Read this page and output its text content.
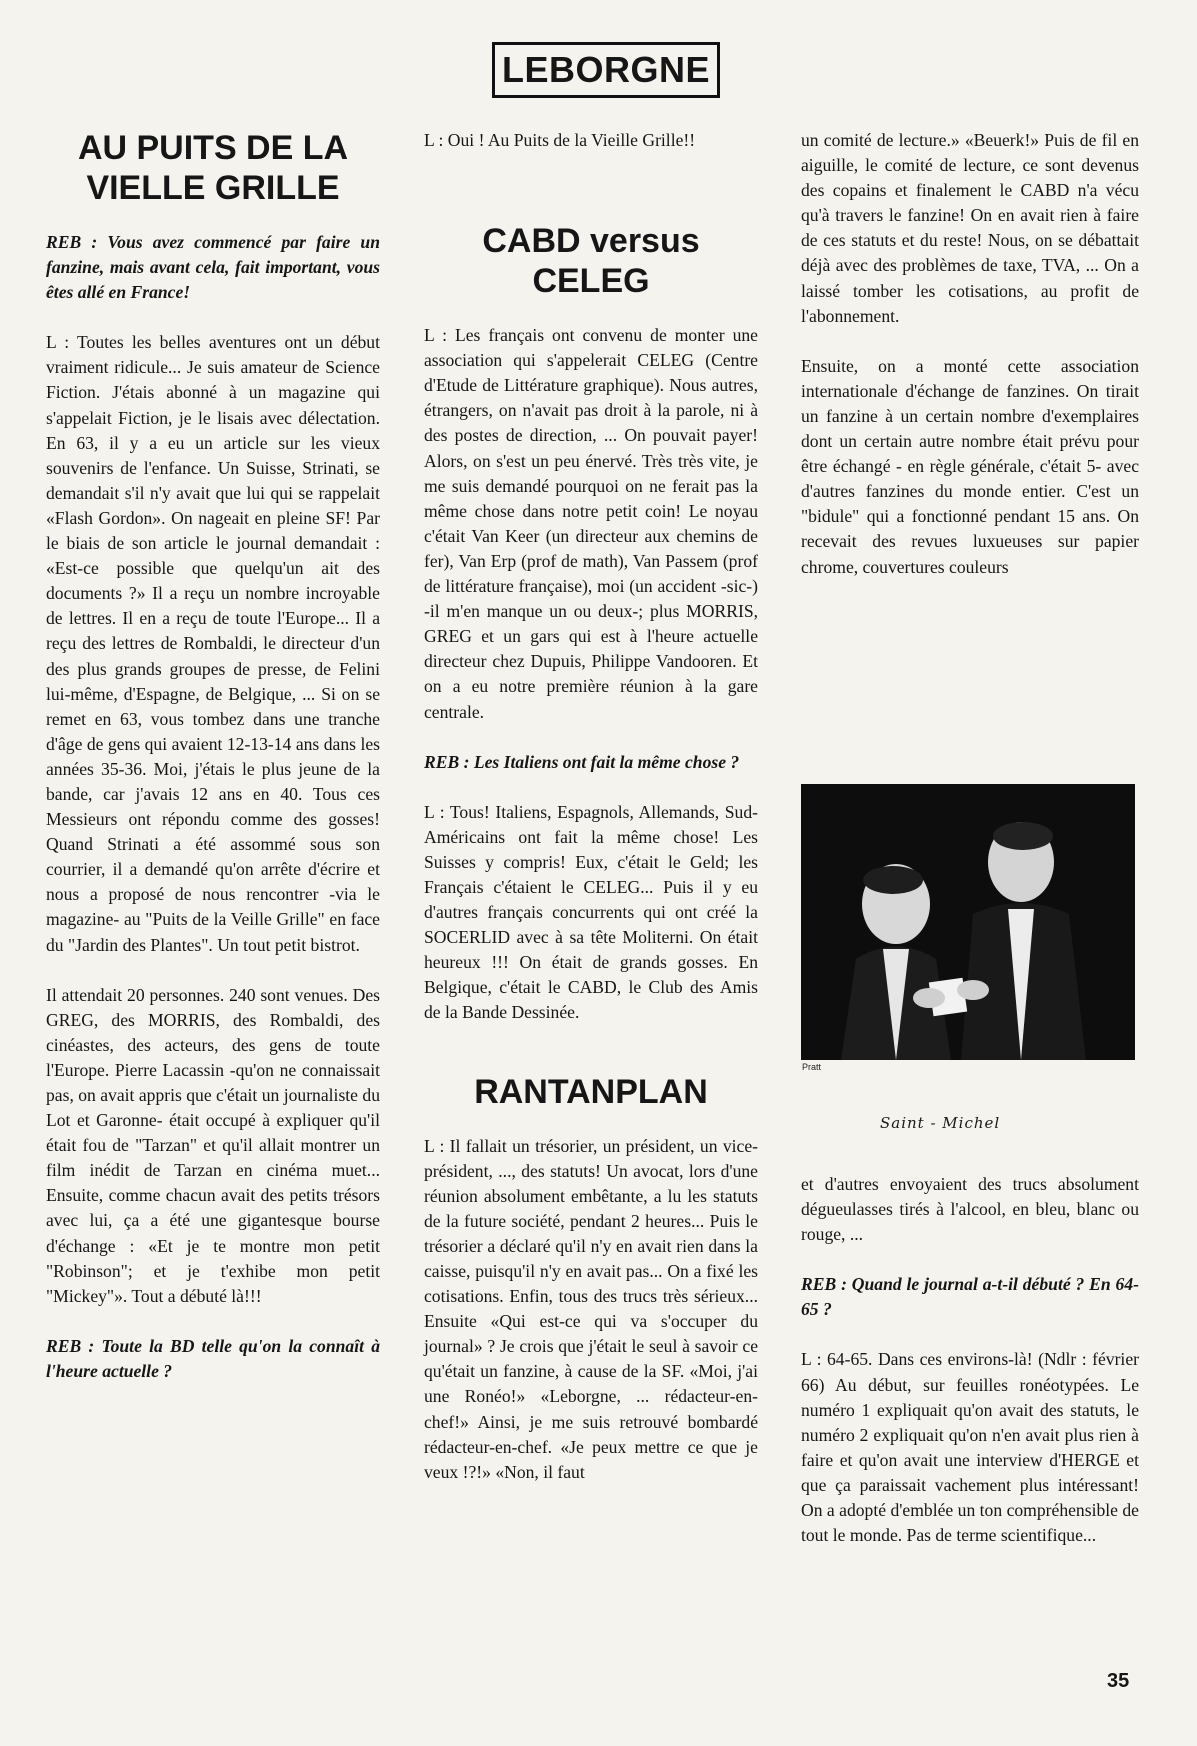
LEBORGNE
AU PUITS DE LA VIELLE GRILLE

REB : Vous avez commencé par faire un fanzine, mais avant cela, fait important, vous êtes allé en France!

L : Toutes les belles aventures ont un début vraiment ridicule... Je suis amateur de Science Fiction. J'étais abonné à un magazine qui s'appelait Fiction, je le lisais avec délectation. En 63, il y a eu un article sur les vieux souvenirs de l'enfance. Un Suisse, Strinati, se demandait s'il n'y avait que lui qui se rappelait «Flash Gordon». On nageait en pleine SF! Par le biais de son article le journal demandait : «Est-ce possible que quelqu'un ait des documents ?» Il a reçu un nombre incroyable de lettres. Il en a reçu de toute l'Europe... Il a reçu des lettres de Rombaldi, le directeur d'un des plus grands groupes de presse, de Felini lui-même, d'Espagne, de Belgique, ... Si on se remet en 63, vous tombez dans une tranche d'âge de gens qui avaient 12-13-14 ans dans les années 35-36. Moi, j'étais le plus jeune de la bande, car j'avais 12 ans en 40. Tous ces Messieurs ont répondu comme des gosses! Quand Strinati a été assommé sous son courrier, il a demandé qu'on arrête d'écrire et nous a proposé de nous rencontrer -via le magazine- au "Puits de la Veille Grille" en face du "Jardin des Plantes". Un tout petit bistrot.

Il attendait 20 personnes. 240 sont venues. Des GREG, des MORRIS, des Rombaldi, des cinéastes, des acteurs, des gens de toute l'Europe. Pierre Lacassin -qu'on ne connaissait pas, on avait appris que c'était un journaliste du Lot et Garonne- était occupé à expliquer qu'il était fou de "Tarzan" et qu'il allait montrer un film inédit de Tarzan en cinéma muet... Ensuite, comme chacun avait des petits trésors avec lui, ça a été une gigantesque bourse d'échange : «Et je te montre mon petit "Robinson"; et je t'exhibe mon petit "Mickey"». Tout a débuté là!!!

REB : Toute la BD telle qu'on la connaît à l'heure actuelle ?

L : Oui ! Au Puits de la Vieille Grille!!

CABD versus CELEG

L : Les français ont convenu de monter une association qui s'appelerait CELEG (Centre d'Etude de Littérature graphique). Nous autres, étrangers, on n'avait pas droit à la parole, ni à des postes de direction, ... On pouvait payer! Alors, on s'est un peu énervé. Très très vite, je me suis demandé pourquoi on ne ferait pas la même chose dans notre petit coin! Le noyau c'était Van Keer (un directeur aux chemins de fer), Van Erp (prof de math), Van Passem (prof de littérature française), moi (un accident -sic-) -il m'en manque un ou deux-; plus MORRIS, GREG et un gars qui est à l'heure actuelle directeur chez Dupuis, Philippe Vandooren. Et on a eu notre première réunion à la gare centrale.

REB : Les Italiens ont fait la même chose ?

L : Tous! Italiens, Espagnols, Allemands, Sud-Américains ont fait la même chose! Les Suisses y compris! Eux, c'était le Geld; les Français c'étaient le CELEG... Puis il y eu d'autres français concurrents qui ont créé la SOCERLID avec à sa tête Moliterni. On était heureux !!! On était de grands gosses. En Belgique, c'était le CABD, le Club des Amis de la Bande Dessinée.

RANTANPLAN

L : Il fallait un trésorier, un président, un vice-président, ..., des statuts! Un avocat, lors d'une réunion absolument embêtante, a lu les statuts de la future société, pendant 2 heures... Puis le trésorier a déclaré qu'il n'y en avait rien dans la caisse, puisqu'il n'y en avait pas... On a fixé les cotisations. Enfin, tous des trucs très sérieux... Ensuite «Qui est-ce qui va s'occuper du journal» ? Je crois que j'était le seul à savoir ce qu'était un fanzine, à cause de la SF. «Moi, j'ai une Ronéo!» «Leborgne, ... rédacteur-en-chef!» Ainsi, je me suis retrouvé bombardé rédacteur-en-chef. «Je peux mettre ce que je veux !?!» «Non, il faut

un comité de lecture.» «Beuerk!» Puis de fil en aiguille, le comité de lecture, ce sont devenus des copains et finalement le CABD n'a vécu qu'à travers le fanzine! On en avait rien à faire de ces statuts et du reste! Nous, on se débattait déjà avec des problèmes de taxe, TVA, ... On a laissé tomber les cotisations, au profit de l'abonnement.

Ensuite, on a monté cette association internationale d'échange de fanzines. On tirait un fanzine à un certain nombre d'exemplaires dont un certain autre nombre était prévu pour être échangé - en règle générale, c'était 5- avec d'autres fanzines du monde entier. C'est un "bidule" qui a fonctionné pendant 15 ans. On recevait des revues luxueuses sur papier chrome, couvertures couleurs

Pratt
Saint - Michel

et d'autres envoyaient des trucs absolument dégueulasses tirés à l'alcool, en bleu, blanc ou rouge, ...

REB : Quand le journal a-t-il débuté ? En 64-65 ?

L : 64-65. Dans ces environs-là! (Ndlr : février 66) Au début, sur feuilles ronéotypées. Le numéro 1 expliquait qu'on avait des statuts, le numéro 2 expliquait qu'on n'en avait plus rien à faire et qu'on avait une interview d'HERGE et que ça paraissait vachement plus intéressant! On a adopté d'emblée un ton compréhensible de tout le monde. Pas de terme scientifique...

35
